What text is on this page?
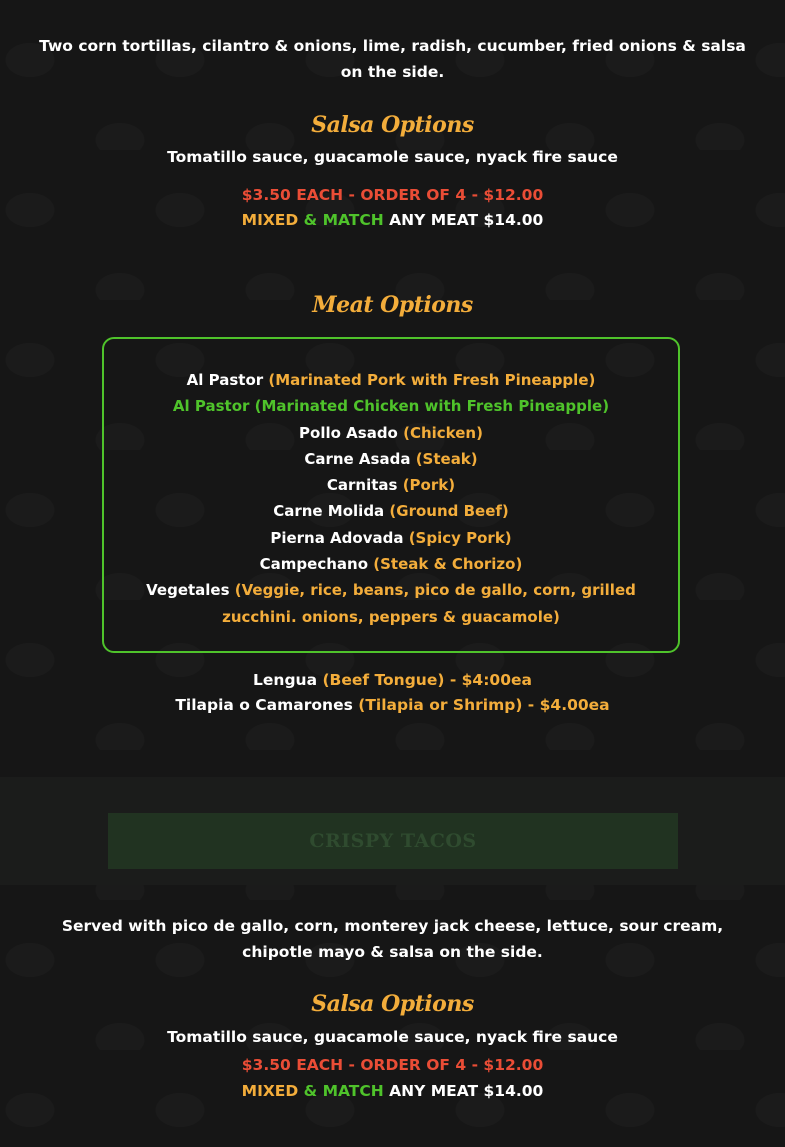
Two corn tortillas, cilantro & onions, lime, radish, cucumber, fried onions & salsa on the side.
Salsa Options
Tomatillo sauce, guacamole sauce, nyack fire sauce
$3.50 EACH - ORDER OF 4 - $12.00
MIXED & MATCH ANY MEAT $14.00
Meat Options
Al Pastor (Marinated Pork with Fresh Pineapple)
Al Pastor (Marinated Chicken with Fresh Pineapple)
Pollo Asado (Chicken)
Carne Asada (Steak)
Carnitas (Pork)
Carne Molida (Ground Beef)
Pierna Adovada (Spicy Pork)
Campechano (Steak & Chorizo)
Vegetales (Veggie, rice, beans, pico de gallo, corn, grilled zucchini. onions, peppers & guacamole)
Lengua (Beef Tongue) - $4:00ea
Tilapia o Camarones (Tilapia or Shrimp) - $4.00ea
CRISPY TACOS
Served with pico de gallo, corn, monterey jack cheese, lettuce, sour cream, chipotle mayo & salsa on the side.
Salsa Options
Tomatillo sauce, guacamole sauce, nyack fire sauce
$3.50 EACH - ORDER OF 4 - $12.00
MIXED & MATCH ANY MEAT $14.00
